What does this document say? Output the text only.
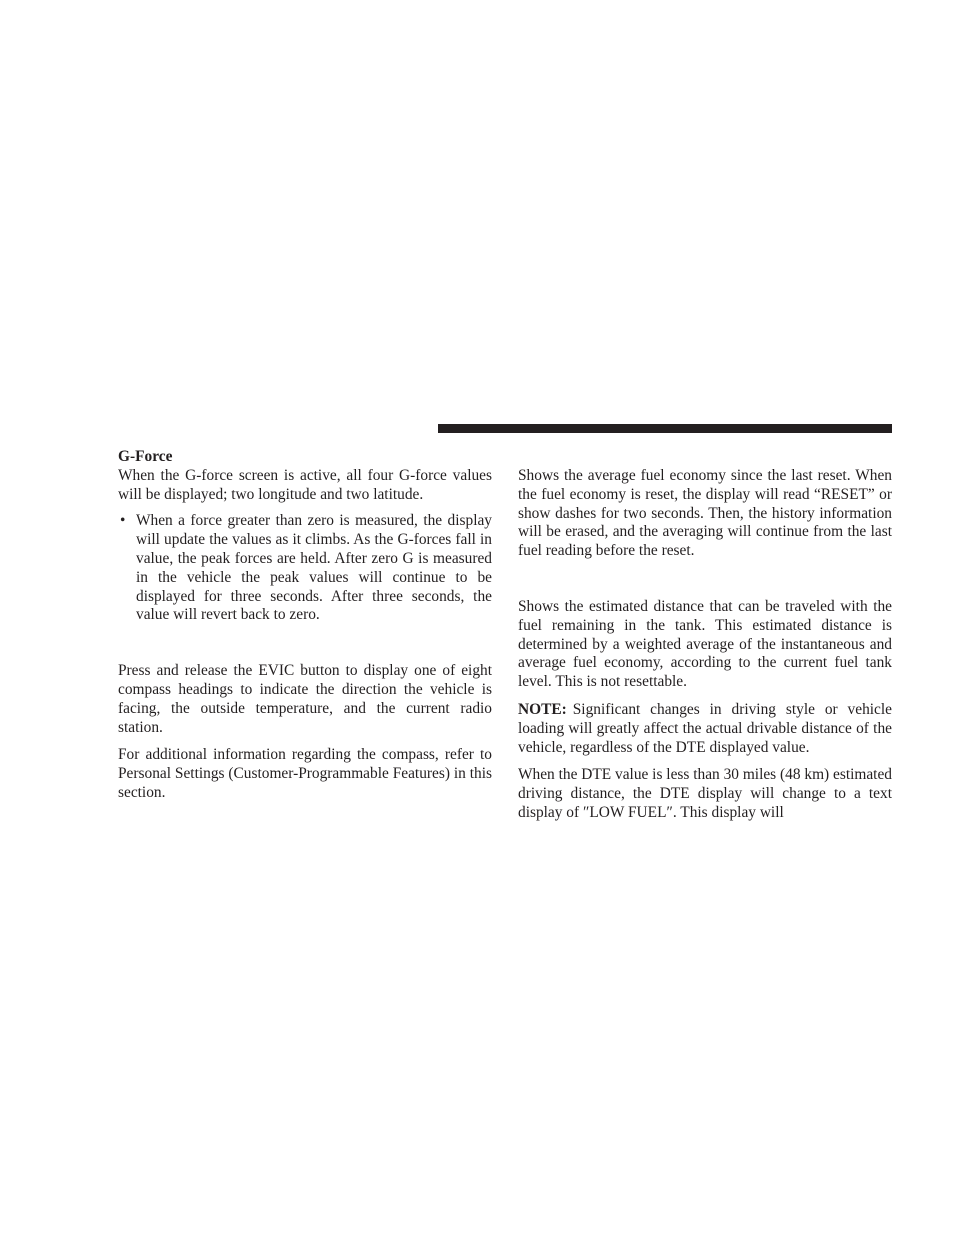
G-Force

When the G-force screen is active, all four G-force values will be displayed; two longitude and two latitude.

• When a force greater than zero is measured, the display will update the values as it climbs. As the G-forces fall in value, the peak forces are held. After zero G is measured in the vehicle the peak values will continue to be displayed for three seconds. After three seconds, the value will revert back to zero.

Press and release the EVIC button to display one of eight compass headings to indicate the direction the vehicle is facing, the outside temperature, and the current radio station.

For additional information regarding the compass, refer to Personal Settings (Customer-Programmable Features) in this section.

Shows the average fuel economy since the last reset. When the fuel economy is reset, the display will read “RESET” or show dashes for two seconds. Then, the history information will be erased, and the averaging will continue from the last fuel reading before the reset.

Shows the estimated distance that can be traveled with the fuel remaining in the tank. This estimated distance is determined by a weighted average of the instantaneous and average fuel economy, according to the current fuel tank level. This is not resettable.

NOTE: Significant changes in driving style or vehicle loading will greatly affect the actual drivable distance of the vehicle, regardless of the DTE displayed value.

When the DTE value is less than 30 miles (48 km) estimated driving distance, the DTE display will change to a text display of ″LOW FUEL″. This display will
